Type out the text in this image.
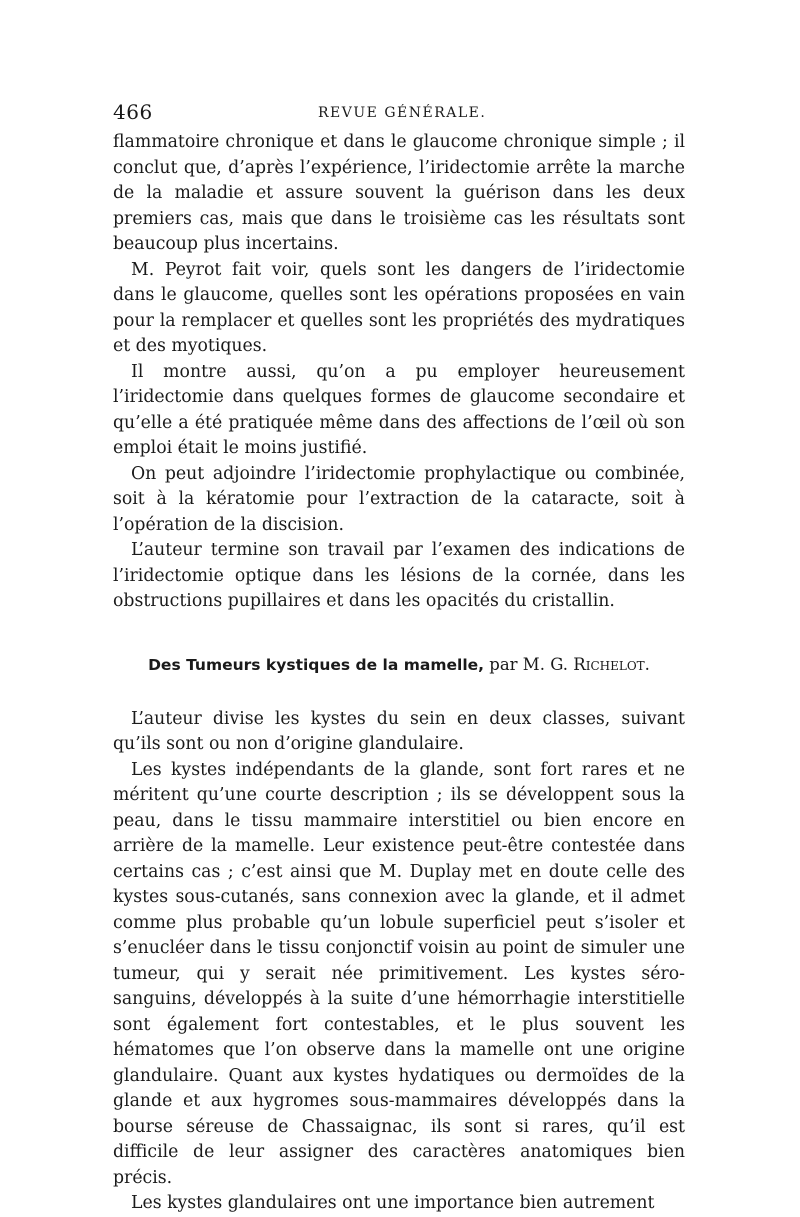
466	REVUE GÉNÉRALE.

flammatoire chronique et dans le glaucome chronique simple ; il conclut que, d’après l’expérience, l’iridectomie arrête la marche de la maladie et assure souvent la guérison dans les deux premiers cas, mais que dans le troisième cas les résultats sont beaucoup plus incertains.

M. Peyrot fait voir, quels sont les dangers de l’iridectomie dans le glaucome, quelles sont les opérations proposées en vain pour la remplacer et quelles sont les propriétés des mydratiques et des myotiques.

Il montre aussi, qu’on a pu employer heureusement l’iridectomie dans quelques formes de glaucome secondaire et qu’elle a été pratiquée même dans des affections de l’œil où son emploi était le moins justifié.

On peut adjoindre l’iridectomie prophylactique ou combinée, soit à la kératomie pour l’extraction de la cataracte, soit à l’opération de la discision.

L’auteur termine son travail par l’examen des indications de l’iridectomie optique dans les lésions de la cornée, dans les obstructions pupillaires et dans les opacités du cristallin.

Des Tumeurs kystiques de la mamelle, par M. G. Richelot.

L’auteur divise les kystes du sein en deux classes, suivant qu’ils sont ou non d’origine glandulaire.

Les kystes indépendants de la glande, sont fort rares et ne méritent qu’une courte description ; ils se développent sous la peau, dans le tissu mammaire interstitiel ou bien encore en arrière de la mamelle. Leur existence peut-être contestée dans certains cas ; c’est ainsi que M. Duplay met en doute celle des kystes sous-cutanés, sans connexion avec la glande, et il admet comme plus probable qu’un lobule superficiel peut s’isoler et s’enucléer dans le tissu conjonctif voisin au point de simuler une tumeur, qui y serait née primitivement. Les kystes séro-sanguins, développés à la suite d’une hémorrhagie interstitielle sont également fort contestables, et le plus souvent les hématomes que l’on observe dans la mamelle ont une origine glandulaire. Quant aux kystes hydatiques ou dermoïdes de la glande et aux hygromes sous-mammaires développés dans la bourse séreuse de Chassaignac, ils sont si rares, qu’il est difficile de leur assigner des caractères anatomiques bien précis.

Les kystes glandulaires ont une importance bien autrement
